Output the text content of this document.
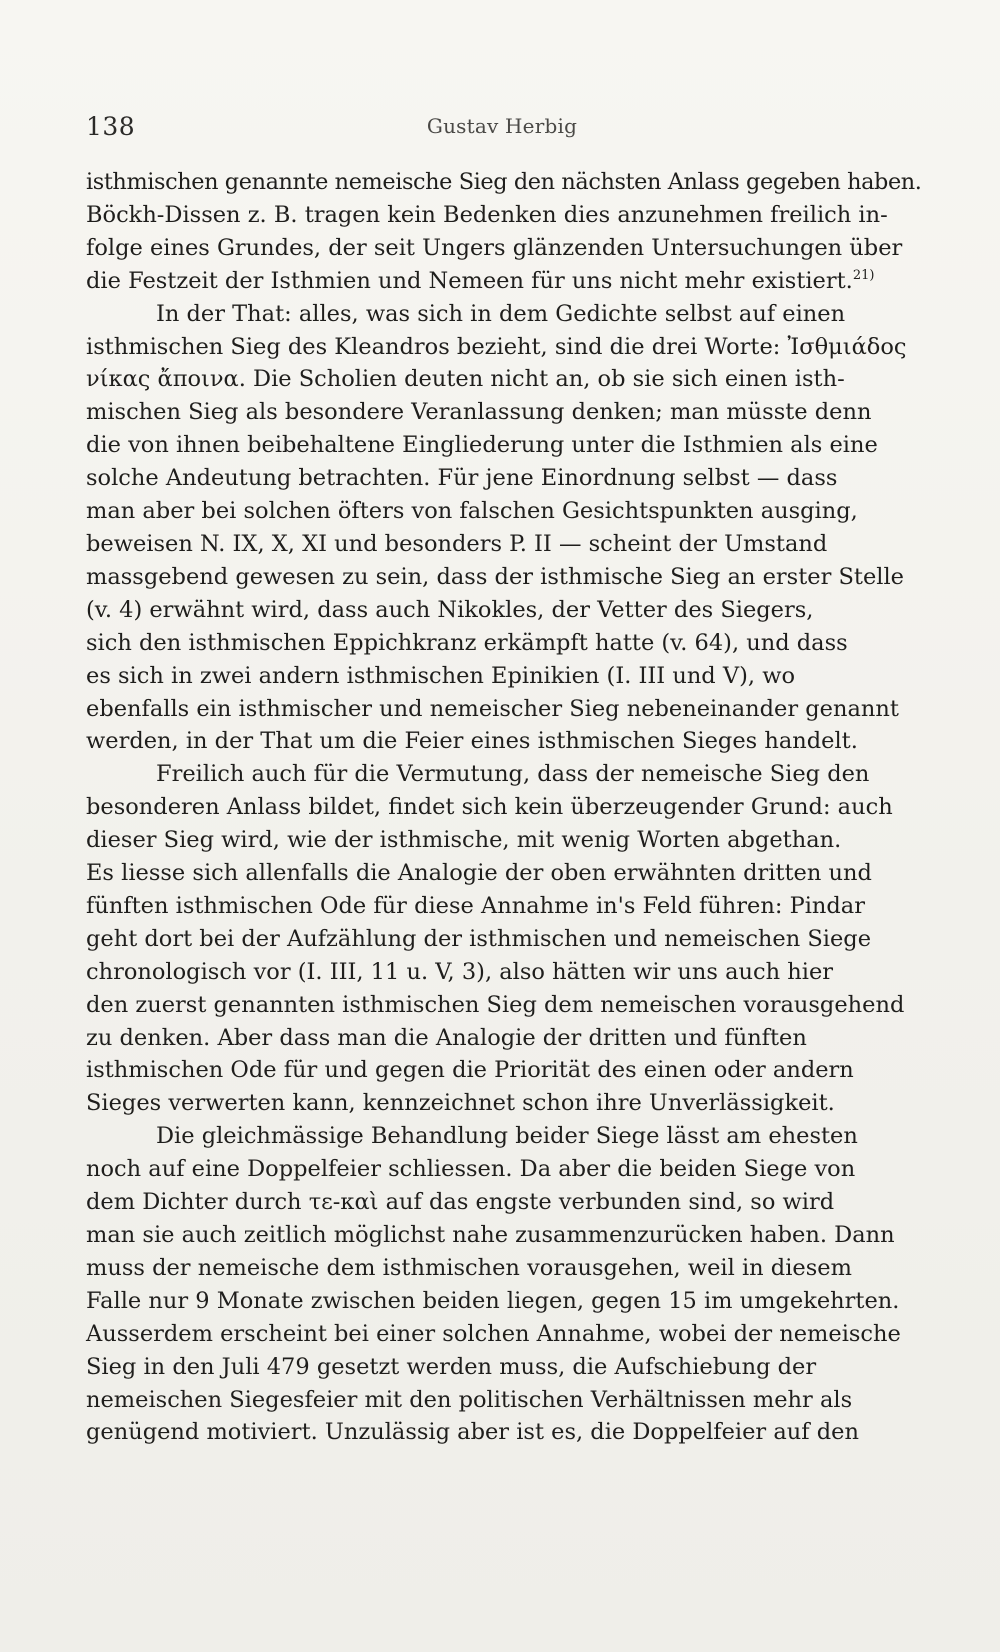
138	Gustav Herbig

isthmischen genannte nemeische Sieg den nächsten Anlass gegeben haben.
Böckh-Dissen z. B. tragen kein Bedenken dies anzunehmen freilich in-
folge eines Grundes, der seit Ungers glänzenden Untersuchungen über
die Festzeit der Isthmien und Nemeen für uns nicht mehr existiert.$^{21)}$

In der That: alles, was sich in dem Gedichte selbst auf einen
isthmischen Sieg des Kleandros bezieht, sind die drei Worte: Ἰσθμιάδος
νίκας ἄποινα. Die Scholien deuten nicht an, ob sie sich einen isth-
mischen Sieg als besondere Veranlassung denken; man müsste denn
die von ihnen beibehaltene Eingliederung unter die Isthmien als eine
solche Andeutung betrachten. Für jene Einordnung selbst — dass
man aber bei solchen öfters von falschen Gesichtspunkten ausging,
beweisen N. IX, X, XI und besonders P. II — scheint der Umstand
massgebend gewesen zu sein, dass der isthmische Sieg an erster Stelle
(v. 4) erwähnt wird, dass auch Nikokles, der Vetter des Siegers,
sich den isthmischen Eppichkranz erkämpft hatte (v. 64), und dass
es sich in zwei andern isthmischen Epinikien (I. III und V), wo
ebenfalls ein isthmischer und nemeischer Sieg nebeneinander genannt
werden, in der That um die Feier eines isthmischen Sieges handelt.

Freilich auch für die Vermutung, dass der nemeische Sieg den
besonderen Anlass bildet, findet sich kein überzeugender Grund: auch
dieser Sieg wird, wie der isthmische, mit wenig Worten abgethan.
Es liesse sich allenfalls die Analogie der oben erwähnten dritten und
fünften isthmischen Ode für diese Annahme in's Feld führen: Pindar
geht dort bei der Aufzählung der isthmischen und nemeischen Siege
chronologisch vor (I. III, 11 u. V, 3), also hätten wir uns auch hier
den zuerst genannten isthmischen Sieg dem nemeischen vorausgehend
zu denken. Aber dass man die Analogie der dritten und fünften
isthmischen Ode für und gegen die Priorität des einen oder andern
Sieges verwerten kann, kennzeichnet schon ihre Unverlässigkeit.

Die gleichmässige Behandlung beider Siege lässt am ehesten
noch auf eine Doppelfeier schliessen. Da aber die beiden Siege von
dem Dichter durch τε-καὶ auf das engste verbunden sind, so wird
man sie auch zeitlich möglichst nahe zusammenzurücken haben. Dann
muss der nemeische dem isthmischen vorausgehen, weil in diesem
Falle nur 9 Monate zwischen beiden liegen, gegen 15 im umgekehrten.
Ausserdem erscheint bei einer solchen Annahme, wobei der nemeische
Sieg in den Juli 479 gesetzt werden muss, die Aufschiebung der
nemeischen Siegesfeier mit den politischen Verhältnissen mehr als
genügend motiviert. Unzulässig aber ist es, die Doppelfeier auf den
